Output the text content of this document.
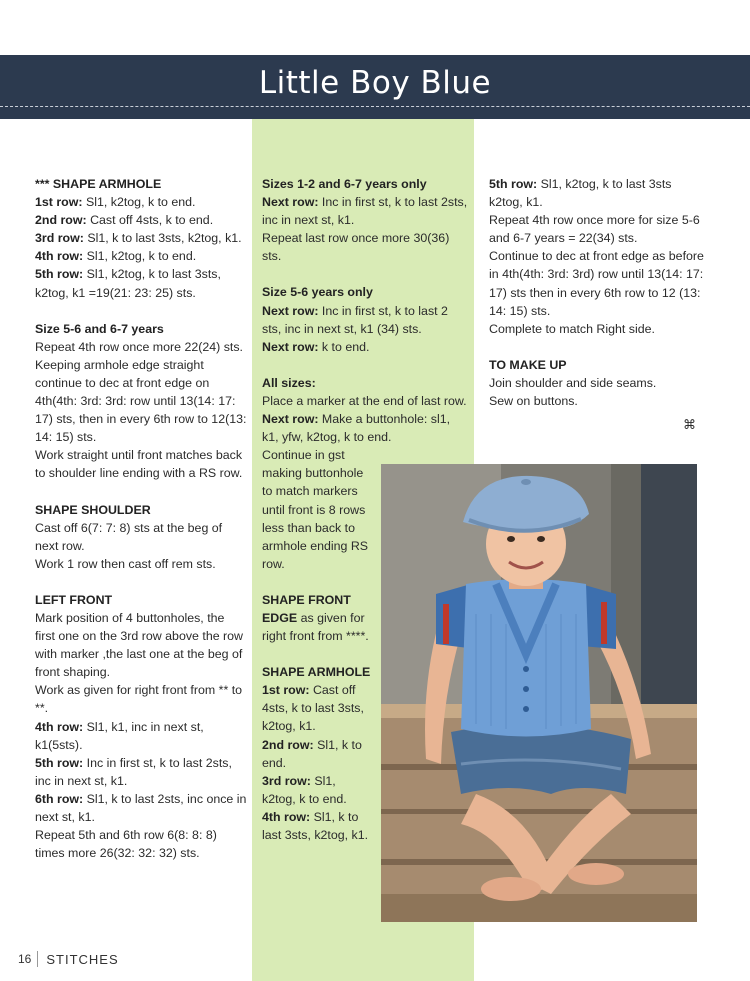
Little Boy Blue

*** SHAPE ARMHOLE

1st row: Sl1, k2tog, k to end.

2nd row: Cast off 4sts, k to end.

3rd row: Sl1, k to last 3sts, k2tog, k1.

4th row: Sl1, k2tog, k to end.

5th row: Sl1, k2tog, k to last 3sts, k2tog, k1 =19(21: 23: 25) sts.

Size 5-6 and 6-7 years

Repeat 4th row once more 22(24) sts.

Keeping armhole edge straight continue to dec at front edge on 4th(4th: 3rd: 3rd: row until 13(14: 17: 17) sts, then in every 6th row to 12(13: 14: 15) sts.

Work straight until front matches back to shoulder line ending with a RS row.

SHAPE SHOULDER

Cast off 6(7: 7: 8) sts at the beg of next row.

Work 1 row then cast off rem sts.

LEFT FRONT

Mark position of 4 buttonholes, the first one on the 3rd row above the row with marker ,the last one at the beg of front shaping.

Work as given for right front from ** to **.

4th row: Sl1, k1, inc in next st, k1(5sts).

5th row: Inc in first st, k to last 2sts, inc in next st, k1.

6th row: Sl1, k to last 2sts, inc once in next st, k1.

Repeat 5th and 6th row 6(8: 8: 8) times more 26(32: 32: 32) sts.

Sizes 1-2 and 6-7 years only

Next row: Inc in first st, k to last 2sts, inc in next st, k1.

Repeat last row once more 30(36) sts.

Size 5-6 years only

Next row: Inc in first st, k to last 2 sts, inc in next st, k1 (34) sts.

Next row: k to end.

All sizes:

Place a marker at the end of last row.

Next row: Make a buttonhole: sl1, k1, yfw, k2tog, k to end.

Continue in gst making buttonhole to match markers until front is 8 rows less than back to armhole ending RS row.

SHAPE FRONT EDGE as given for right front from ****.

SHAPE ARMHOLE

1st row: Cast off 4sts, k to last 3sts, k2tog, k1.

2nd row: Sl1, k to end.

3rd row: Sl1, k2tog, k to end.

4th row: Sl1, k to last 3sts, k2tog, k1.

5th row: Sl1, k2tog, k to last 3sts k2tog, k1.

Repeat 4th row once more for size 5-6 and 6-7 years = 22(34) sts.

Continue to dec at front edge as before in 4th(4th: 3rd: 3rd) row until 13(14: 17: 17) sts then in every 6th row to 12 (13: 14: 15) sts.

Complete to match Right side.

TO MAKE UP

Join shoulder and side seams.

Sew on buttons.

⌘
16	STITCHES
